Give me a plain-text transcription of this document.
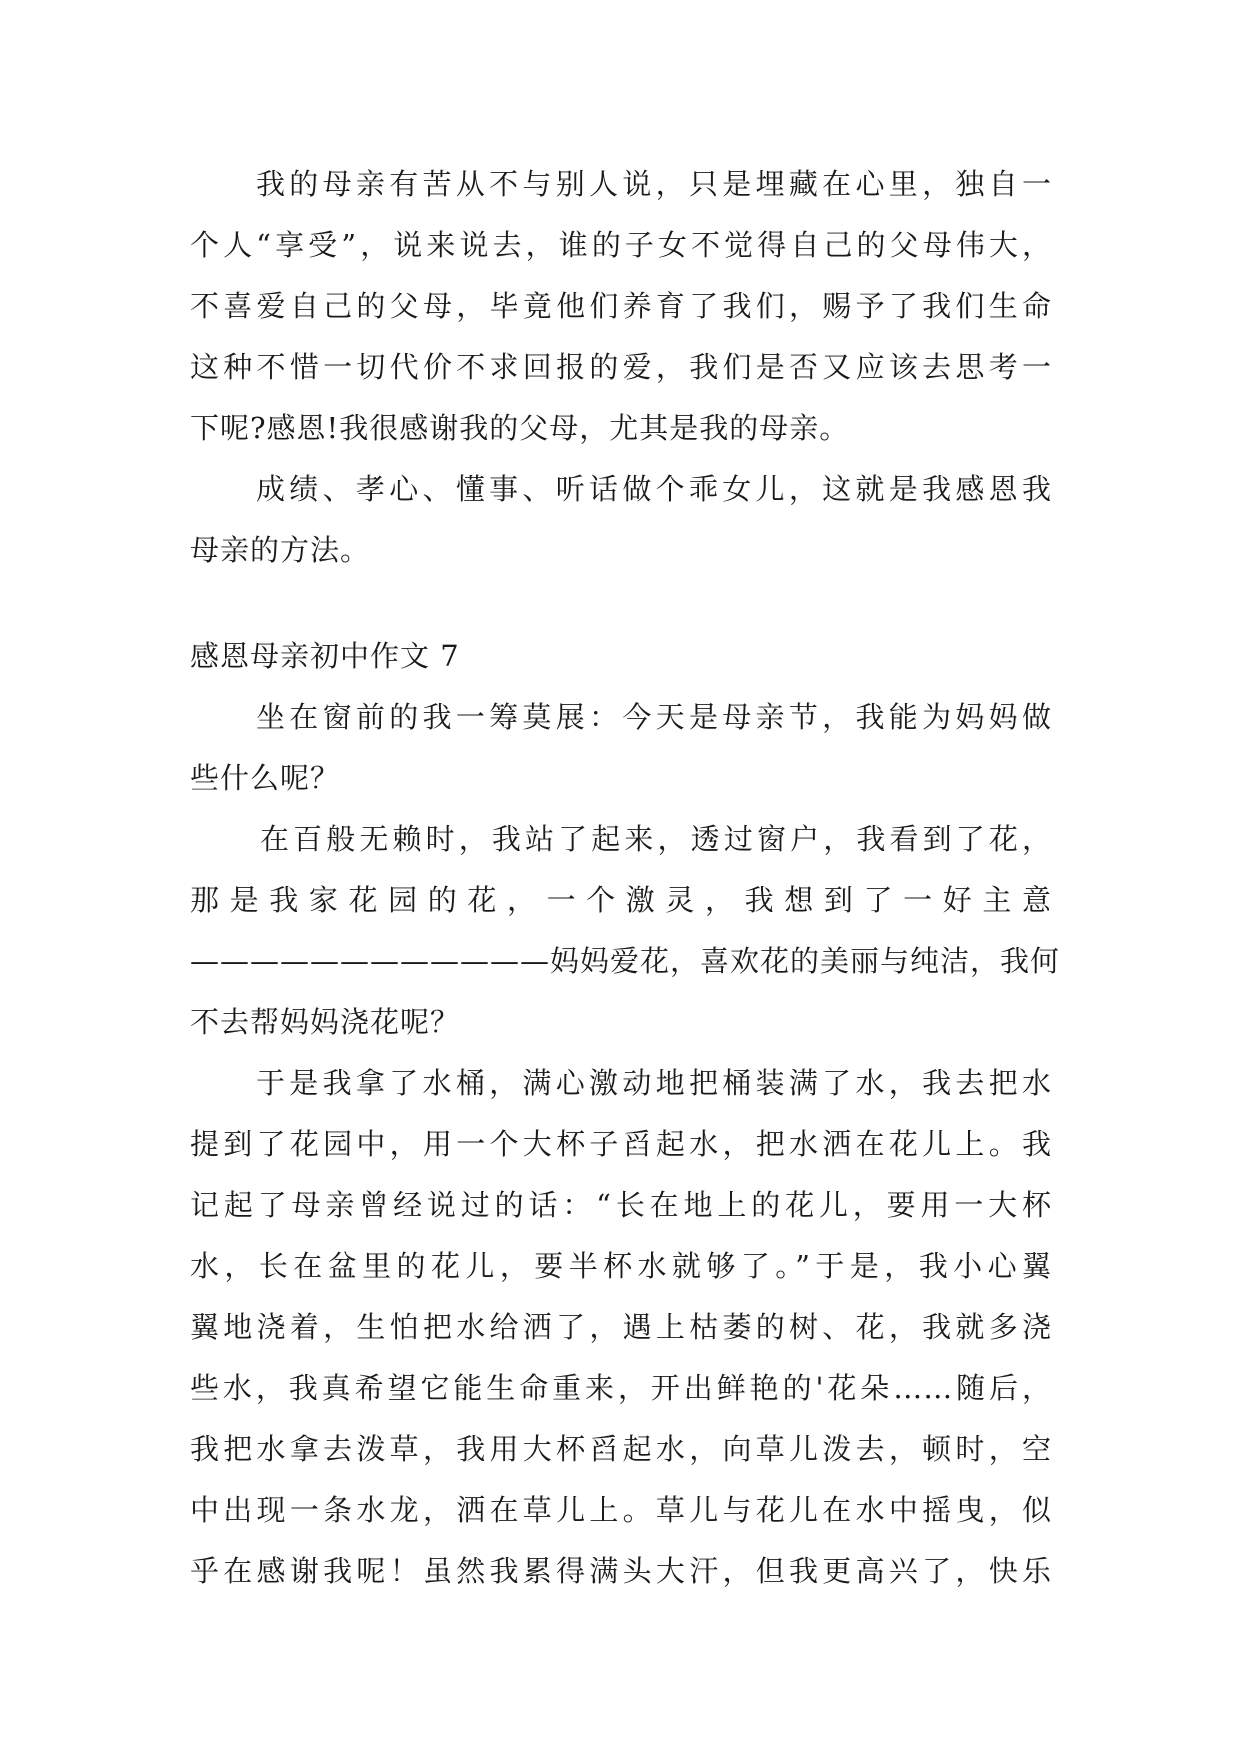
我的母亲有苦从不与别人说，只是埋藏在心里，独自一
个人“享受”，说来说去，谁的子女不觉得自己的父母伟大，
不喜爱自己的父母，毕竟他们养育了我们，赐予了我们生命
这种不惜一切代价不求回报的爱，我们是否又应该去思考一
下呢?感恩!我很感谢我的父母，尤其是我的母亲。
成绩、孝心、懂事、听话做个乖女儿，这就是我感恩我
母亲的方法。
感恩母亲初中作文 7
坐在窗前的我一筹莫展：今天是母亲节，我能为妈妈做
些什么呢？
在百般无赖时，我站了起来，透过窗户，我看到了花，
那是我家花园的花，一个激灵，我想到了一好主意
————————————妈妈爱花，喜欢花的美丽与纯洁，我何
不去帮妈妈浇花呢？
于是我拿了水桶，满心激动地把桶装满了水，我去把水
提到了花园中，用一个大杯子舀起水，把水洒在花儿上。我
记起了母亲曾经说过的话：“长在地上的花儿，要用一大杯
水，长在盆里的花儿，要半杯水就够了。”于是，我小心翼
翼地浇着，生怕把水给洒了，遇上枯萎的树、花，我就多浇
些水，我真希望它能生命重来，开出鲜艳的'花朵……随后，
我把水拿去泼草，我用大杯舀起水，向草儿泼去，顿时，空
中出现一条水龙，洒在草儿上。草儿与花儿在水中摇曳，似
乎在感谢我呢！虽然我累得满头大汗，但我更高兴了，快乐
